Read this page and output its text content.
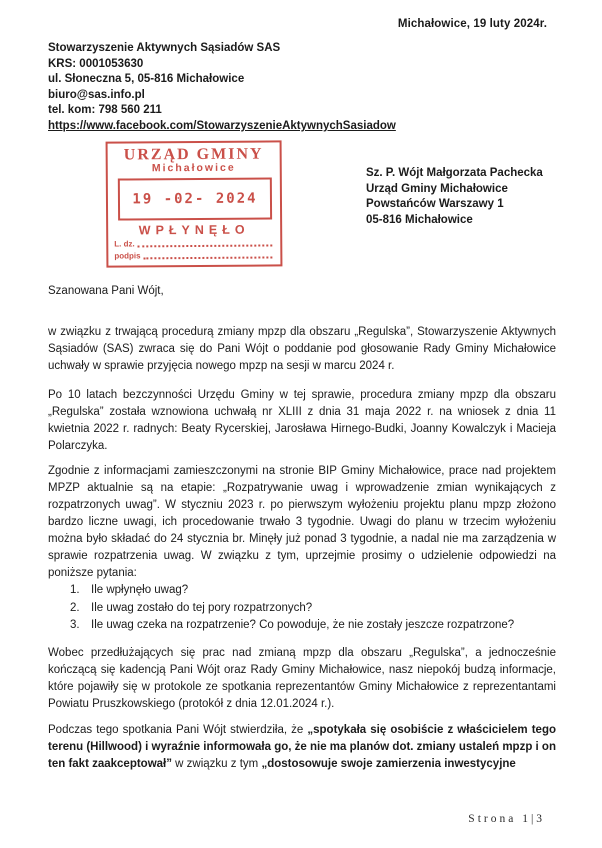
Michałowice, 19 luty 2024r.
Stowarzyszenie Aktywnych Sąsiadów SAS
KRS: 0001053630
ul. Słoneczna 5, 05-816 Michałowice
biuro@sas.info.pl
tel. kom: 798 560 211
https://www.facebook.com/StowarzyszenieAktywnychSasiadow
URZĄD GMINY
Michałowice
19 -02- 2024
WPŁYNĘŁO
L. dz.
podpis
Sz. P. Wójt Małgorzata Pachecka
Urząd Gminy Michałowice
Powstańców Warszawy 1
05-816 Michałowice

Szanowana Pani Wójt,

w związku z trwającą procedurą zmiany mpzp dla obszaru „Regulska”, Stowarzyszenie Aktywnych Sąsiadów (SAS) zwraca się do Pani Wójt o poddanie pod głosowanie Rady Gminy Michałowice uchwały w sprawie przyjęcia nowego mpzp na sesji w marcu 2024 r.

Po 10 latach bezczynności Urzędu Gminy w tej sprawie, procedura zmiany mpzp dla obszaru „Regulska” została wznowiona uchwałą nr XLIII z dnia 31 maja 2022 r. na wniosek z dnia 11 kwietnia 2022 r. radnych: Beaty Rycerskiej, Jarosława Hirnego-Budki, Joanny Kowalczyk i Macieja Polarczyka.

Zgodnie z informacjami zamieszczonymi na stronie BIP Gminy Michałowice, prace nad projektem MPZP aktualnie są na etapie: „Rozpatrywanie uwag i wprowadzenie zmian wynikających z rozpatrzonych uwag”. W styczniu 2023 r. po pierwszym wyłożeniu projektu planu mpzp złożono bardzo liczne uwagi, ich procedowanie trwało 3 tygodnie. Uwagi do planu w trzecim wyłożeniu można było składać do 24 stycznia br. Minęły już ponad 3 tygodnie, a nadal nie ma zarządzenia w sprawie rozpatrzenia uwag. W związku z tym, uprzejmie prosimy o udzielenie odpowiedzi na poniższe pytania:

1. Ile wpłynęło uwag?
2. Ile uwag zostało do tej pory rozpatrzonych?
3. Ile uwag czeka na rozpatrzenie? Co powoduje, że nie zostały jeszcze rozpatrzone?

Wobec przedłużających się prac nad zmianą mpzp dla obszaru „Regulska”, a jednocześnie kończącą się kadencją Pani Wójt oraz Rady Gminy Michałowice, nasz niepokój budzą informacje, które pojawiły się w protokole ze spotkania reprezentantów Gminy Michałowice z reprezentantami Powiatu Pruszkowskiego (protokół z dnia 12.01.2024 r.).

Podczas tego spotkania Pani Wójt stwierdziła, że „spotykała się osobiście z właścicielem tego terenu (Hillwood) i wyraźnie informowała go, że nie ma planów dot. zmiany ustaleń mpzp i on ten fakt zaakceptował” w związku z tym „dostosowuje swoje zamierzenia inwestycyjne

Strona 1|3
